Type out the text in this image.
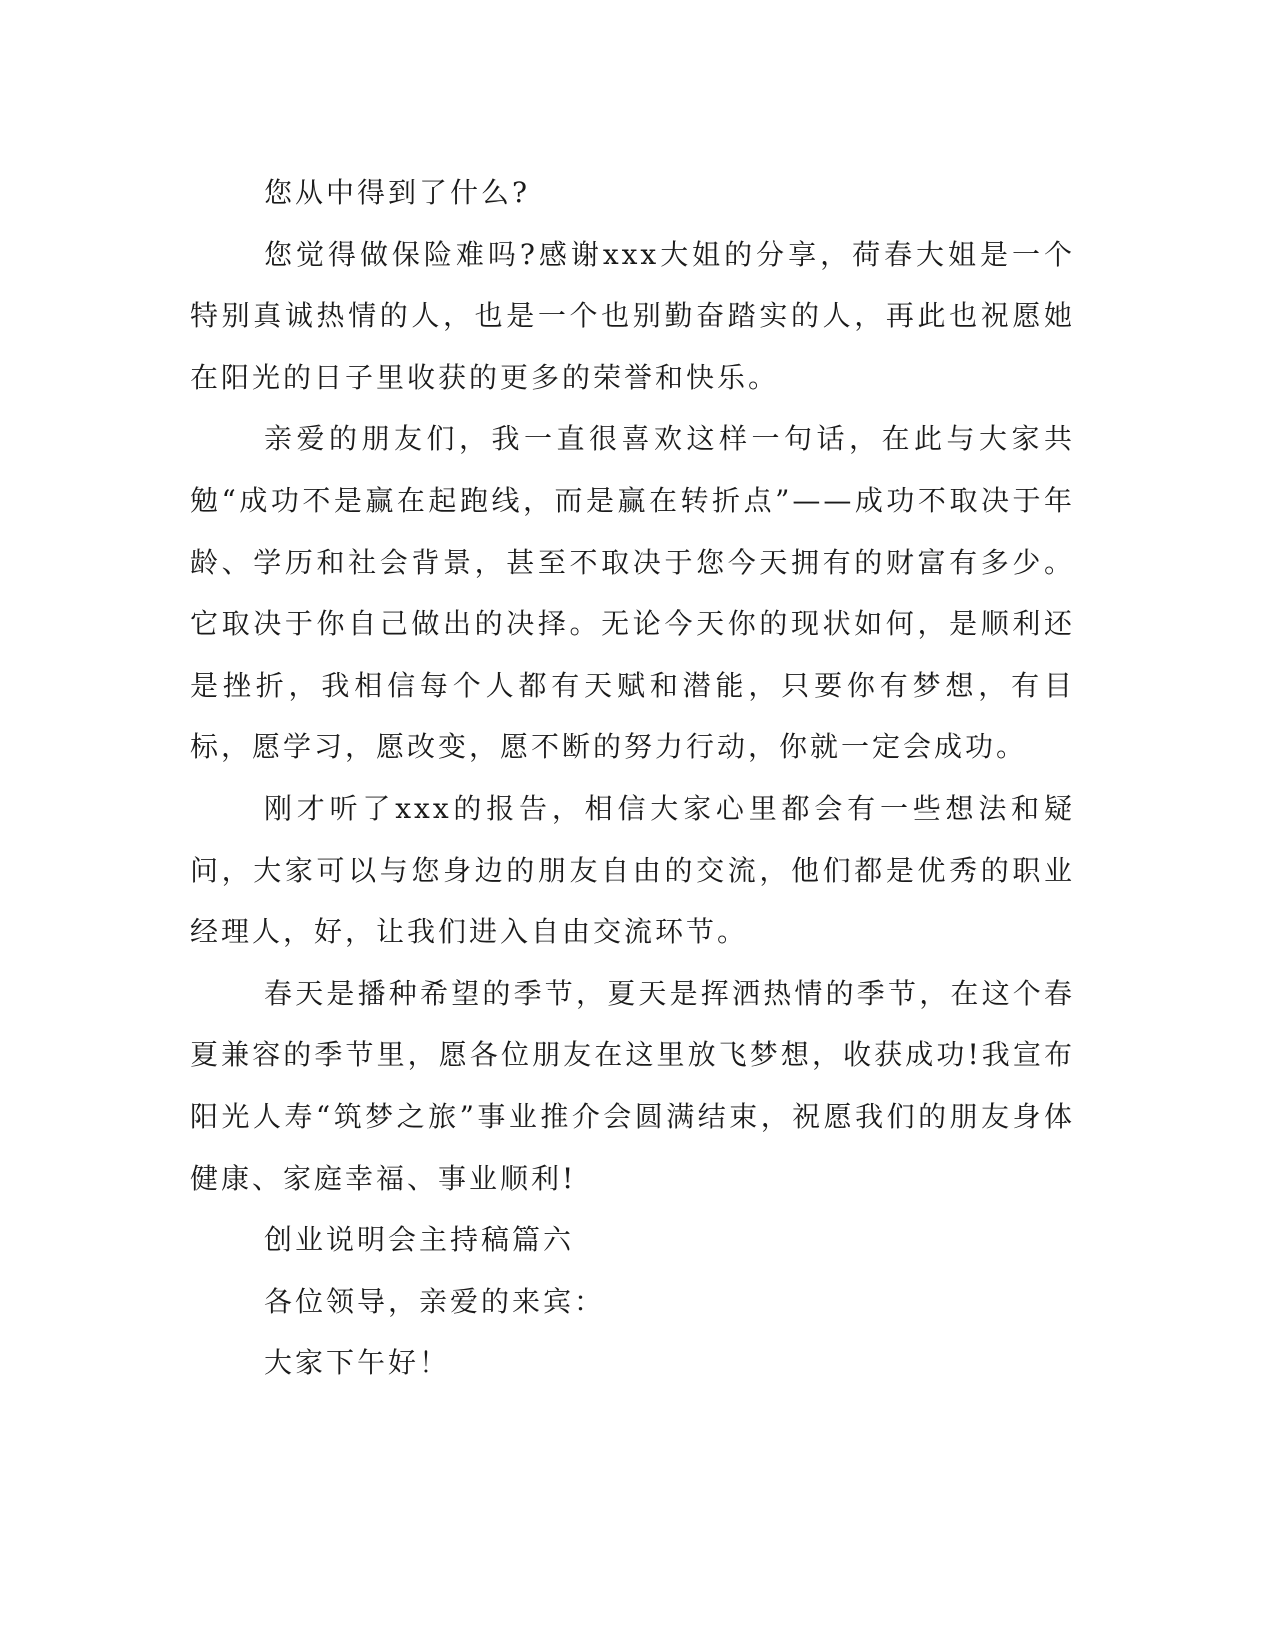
您从中得到了什么?

您觉得做保险难吗?感谢xxx大姐的分享，荷春大姐是一个特别真诚热情的人，也是一个也别勤奋踏实的人，再此也祝愿她在阳光的日子里收获的更多的荣誉和快乐。

亲爱的朋友们，我一直很喜欢这样一句话，在此与大家共勉“成功不是赢在起跑线，而是赢在转折点”——成功不取决于年龄、学历和社会背景，甚至不取决于您今天拥有的财富有多少。它取决于你自己做出的决择。无论今天你的现状如何，是顺利还是挫折，我相信每个人都有天赋和潜能，只要你有梦想，有目标，愿学习，愿改变，愿不断的努力行动，你就一定会成功。

刚才听了xxx的报告，相信大家心里都会有一些想法和疑问，大家可以与您身边的朋友自由的交流，他们都是优秀的职业经理人，好，让我们进入自由交流环节。

春天是播种希望的季节，夏天是挥洒热情的季节，在这个春夏兼容的季节里，愿各位朋友在这里放飞梦想，收获成功!我宣布阳光人寿“筑梦之旅”事业推介会圆满结束，祝愿我们的朋友身体健康、家庭幸福、事业顺利!

创业说明会主持稿篇六

各位领导，亲爱的来宾：

大家下午好！
